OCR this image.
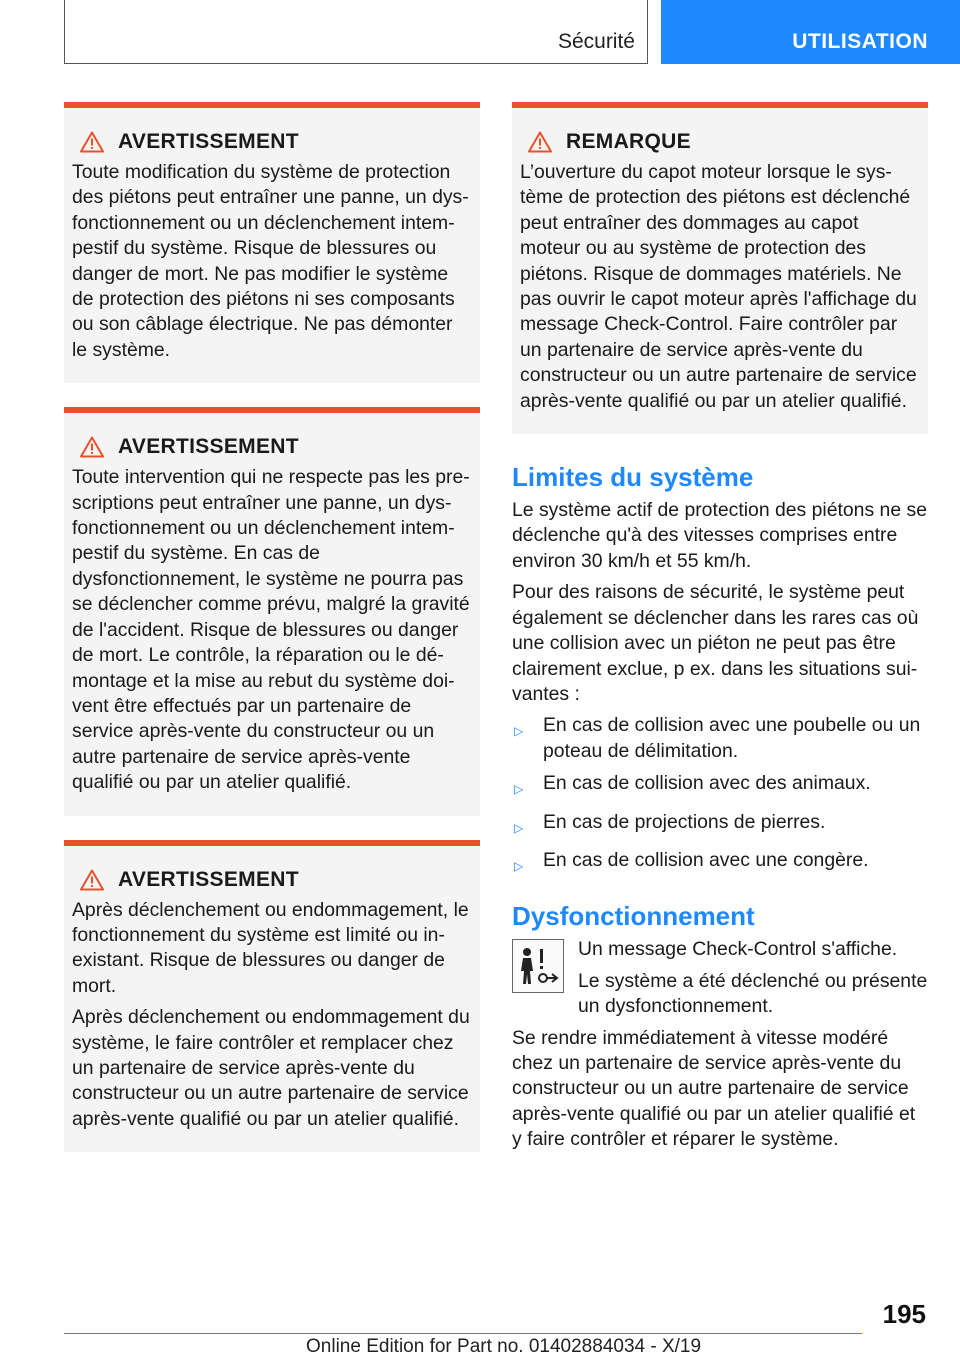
Sécurité	UTILISATION
AVERTISSEMENT

Toute modification du système de protection des piétons peut entraîner une panne, un dysfonctionnement ou un déclenchement intempestif du système. Risque de blessures ou danger de mort. Ne pas modifier le système de protection des piétons ni ses composants ou son câblage électrique. Ne pas démonter le système.

AVERTISSEMENT

Toute intervention qui ne respecte pas les prescriptions peut entraîner une panne, un dysfonctionnement ou un déclenchement intempestif du système. En cas de dysfonctionnement, le système ne pourra pas se déclencher comme prévu, malgré la gravité de l'accident. Risque de blessures ou danger de mort. Le contrôle, la réparation ou le démontage et la mise au rebut du système doivent être effectués par un partenaire de service après-vente du constructeur ou un autre partenaire de service après-vente qualifié ou par un atelier qualifié.

AVERTISSEMENT

Après déclenchement ou endommagement, le fonctionnement du système est limité ou inexistant. Risque de blessures ou danger de mort.

Après déclenchement ou endommagement du système, le faire contrôler et remplacer chez un partenaire de service après-vente du constructeur ou un autre partenaire de service après-vente qualifié ou par un atelier qualifié.

REMARQUE

L’ouverture du capot moteur lorsque le système de protection des piétons est déclenché peut entraîner des dommages au capot moteur ou au système de protection des piétons. Risque de dommages matériels. Ne pas ouvrir le capot moteur après l'affichage du message Check-Control. Faire contrôler par un partenaire de service après-vente du constructeur ou un autre partenaire de service après-vente qualifié ou par un atelier qualifié.

Limites du système

Le système actif de protection des piétons ne se déclenche qu'à des vitesses comprises entre environ 30 km/h et 55 km/h.

Pour des raisons de sécurité, le système peut également se déclencher dans les rares cas où une collision avec un piéton ne peut pas être clairement exclue, p ex. dans les situations suivantes :

▷	En cas de collision avec une poubelle ou un poteau de délimitation.
▷	En cas de collision avec des animaux.
▷	En cas de projections de pierres.
▷	En cas de collision avec une congère.
Dysfonctionnement

Un message Check-Control s'affiche.

Le système a été déclenché ou présente un dysfonctionnement.

Se rendre immédiatement à vitesse modéré chez un partenaire de service après-vente du constructeur ou un autre partenaire de service après-vente qualifié ou par un atelier qualifié et y faire contrôler et réparer le système.

195
Online Edition for Part no. 01402884034 - X/19
